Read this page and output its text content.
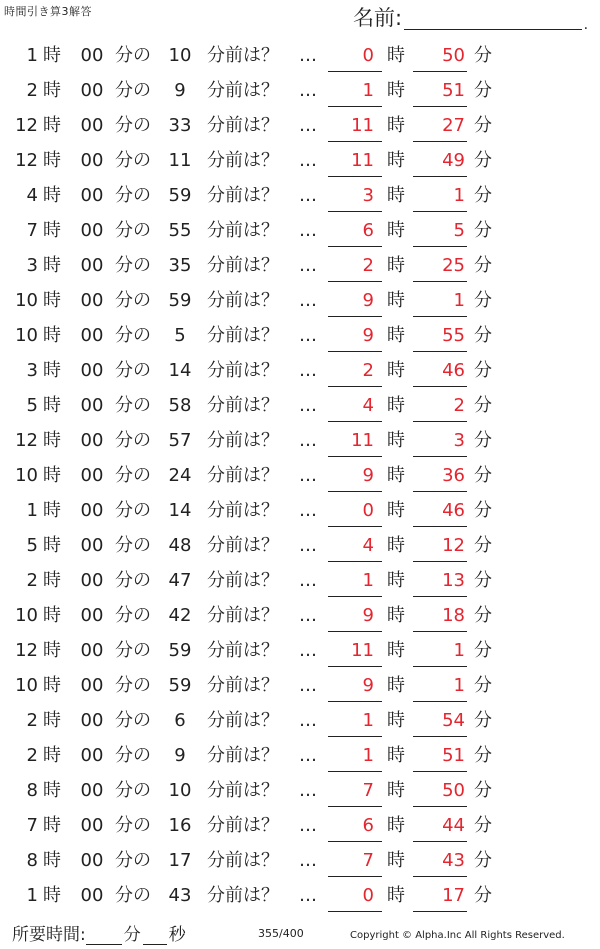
時間引き算3解答	名前:
.
1 時 00 分の 10 分前は？ …	0 時	50 分
2 時 00 分の	9	分前は？ …	1 時	51 分
12 時 00 分の 33 分前は？ …	11 時	27 分
12 時 00 分の 11 分前は？ …	11 時	49 分
4 時 00 分の 59 分前は？ …	3 時	1 分
7 時 00 分の 55 分前は？ …	6 時	5 分
3 時 00 分の 35 分前は？ …	2 時	25 分
10 時 00 分の 59 分前は？ …	9 時	1 分
10 時 00 分の	5	分前は？ …	9 時	55 分
3 時 00 分の 14 分前は？ …	2 時	46 分
5 時 00 分の 58 分前は？ …	4 時	2 分
12 時 00 分の 57 分前は？ …	11 時	3 分
10 時 00 分の 24 分前は？ …	9 時	36 分
1 時 00 分の 14 分前は？ …	0 時	46 分
5 時 00 分の 48 分前は？ …	4 時	12 分
2 時 00 分の 47 分前は？ …	1 時	13 分
10 時 00 分の 42 分前は？ …	9 時	18 分
12 時 00 分の 59 分前は？ …	11 時	1 分
10 時 00 分の 59 分前は？ …	9 時	1 分
2 時 00 分の	6	分前は？ …	1 時	54 分
2 時 00 分の	9	分前は？ …	1 時	51 分
8 時 00 分の 10 分前は？ …	7 時	50 分
7 時 00 分の 16 分前は？ …	6 時	44 分
8 時 00 分の 17 分前は？ …	7 時	43 分
1 時 00 分の 43 分前は？ …	0 時	17 分
所要時間: 分 秒	355/400	Copyright © Alpha.Inc All Rights Reserved.
